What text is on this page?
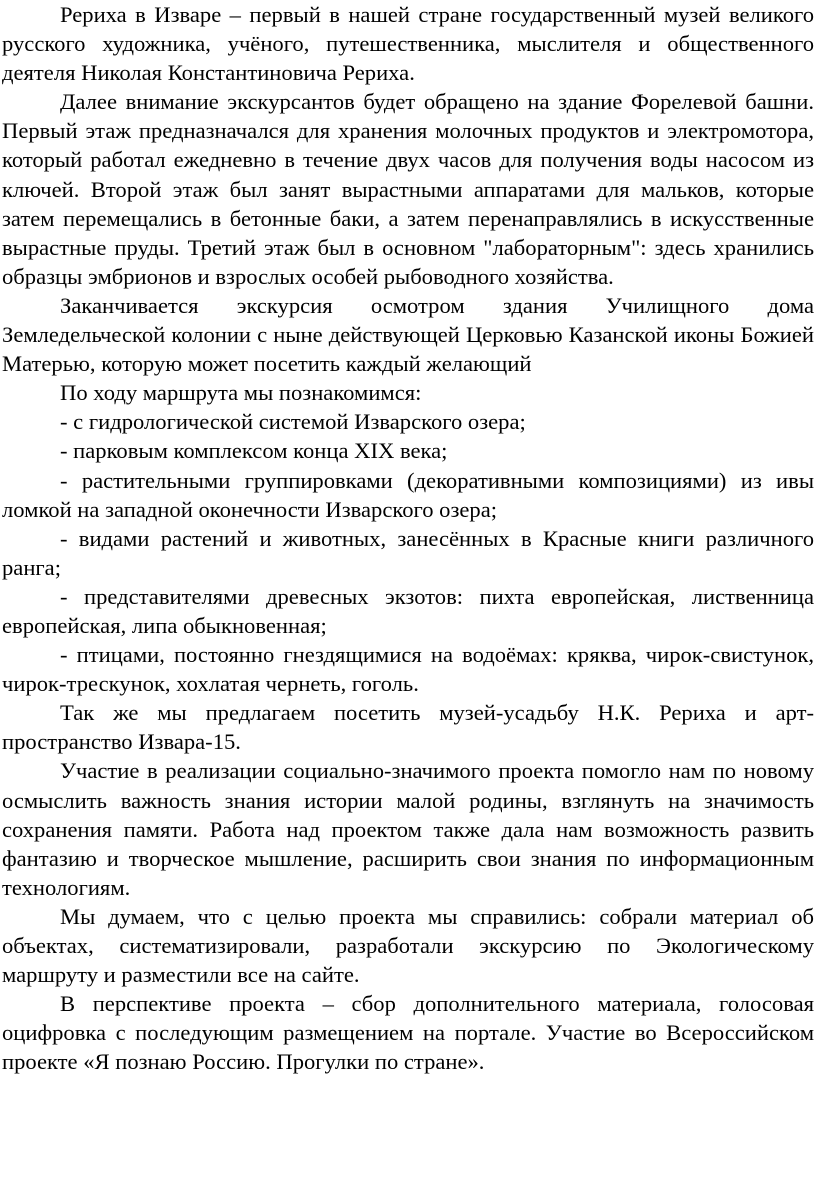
Рериха в Изваре – первый в нашей стране государственный музей великого русского художника, учёного, путешественника, мыслителя и общественного деятеля Николая Константиновича Рериха.

Далее внимание экскурсантов будет обращено на здание Форелевой башни. Первый этаж предназначался для хранения молочных продуктов и электромотора, который работал ежедневно в течение двух часов для получения воды насосом из ключей. Второй этаж был занят вырастными аппаратами для мальков, которые затем перемещались в бетонные баки, а затем перенаправлялись в искусственные вырастные пруды. Третий этаж был в основном "лабораторным": здесь хранились образцы эмбрионов и взрослых особей рыбоводного хозяйства.

Заканчивается экскурсия осмотром здания Училищного дома Земледельческой колонии с ныне действующей Церковью Казанской иконы Божией Матерью, которую может посетить каждый желающий

По ходу маршрута мы познакомимся:

- с гидрологической системой Изварского озера;

- парковым комплексом конца XIX века;

- растительными группировками (декоративными композициями) из ивы ломкой на западной оконечности Изварского озера;

- видами растений и животных, занесённых в Красные книги различного ранга;

- представителями древесных экзотов: пихта европейская, лиственница европейская, липа обыкновенная;

- птицами, постоянно гнездящимися на водоёмах: кряква, чирок-свистунок, чирок-трескунок, хохлатая чернеть, гоголь.

Так же мы предлагаем посетить музей-усадьбу Н.К. Рериха и арт-пространство Извара-15.

Участие в реализации социально-значимого проекта помогло нам по новому осмыслить важность знания истории малой родины, взглянуть на значимость сохранения памяти. Работа над проектом также дала нам возможность развить фантазию и творческое мышление, расширить свои знания по информационным технологиям.

Мы думаем, что с целью проекта мы справились: собрали материал об объектах, систематизировали, разработали экскурсию по Экологическому маршруту и разместили все на сайте.

В перспективе проекта – сбор дополнительного материала, голосовая оцифровка с последующим размещением на портале. Участие во Всероссийском проекте «Я познаю Россию. Прогулки по стране».
